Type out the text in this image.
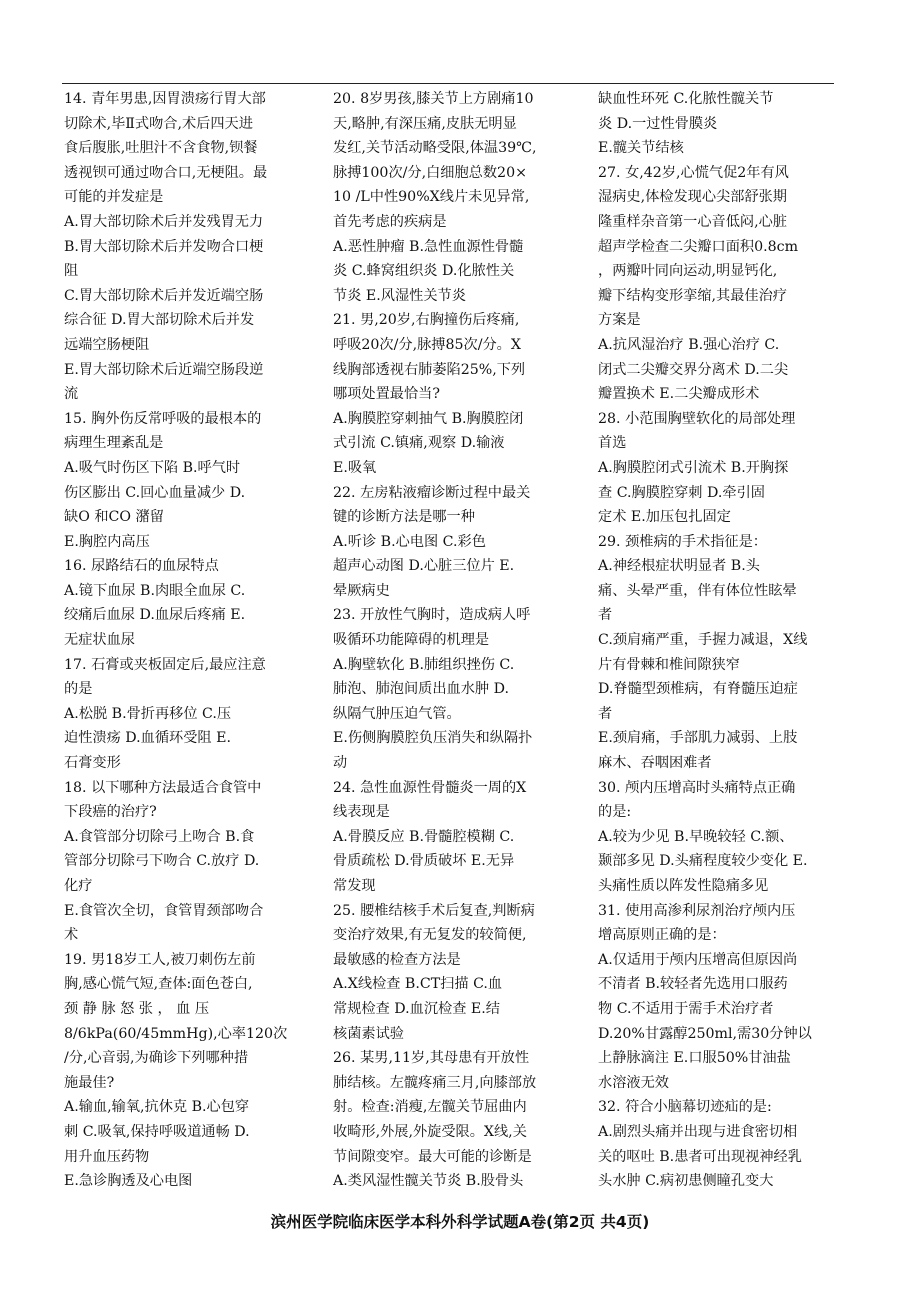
14. 青年男患,因胃溃疡行胃大部
切除术,毕Ⅱ式吻合,术后四天进
食后腹胀,吐胆汁不含食物,钡餐
透视钡可通过吻合口,无梗阻。最
可能的并发症是
A.胃大部切除术后并发残胃无力
B.胃大部切除术后并发吻合口梗
阻
C.胃大部切除术后并发近端空肠
综合征 D.胃大部切除术后并发
远端空肠梗阻
E.胃大部切除术后近端空肠段逆
流
15. 胸外伤反常呼吸的最根本的
病理生理紊乱是
A.吸气时伤区下陷 B.呼气时
伤区膨出 C.回心血量减少 D.
缺O 和CO 潴留
E.胸腔内高压
16. 尿路结石的血尿特点
A.镜下血尿 B.肉眼全血尿 C.
绞痛后血尿 D.血尿后疼痛 E.
无症状血尿
17. 石膏或夹板固定后,最应注意
的是
A.松脱 B.骨折再移位 C.压
迫性溃疡 D.血循环受阻 E.
石膏变形
18. 以下哪种方法最适合食管中
下段癌的治疗?
A.食管部分切除弓上吻合 B.食
管部分切除弓下吻合 C.放疗 D.
化疗
E.食管次全切，食管胃颈部吻合
术
19. 男18岁工人,被刀刺伤左前
胸,感心慌气短,查体:面色苍白,
颈 静 脉 怒 张 ， 血 压
8/6kPa(60/45mmHg),心率120次
/分,心音弱,为确诊下列哪种措
施最佳?
A.输血,输氧,抗休克 B.心包穿
刺 C.吸氧,保持呼吸道通畅 D.
用升血压药物
E.急诊胸透及心电图
20. 8岁男孩,膝关节上方剧痛10
天,略肿,有深压痛,皮肤无明显
发红,关节活动略受限,体温39℃,
脉搏100次/分,白细胞总数20×
10 /L中性90%X线片未见异常,
首先考虑的疾病是
A.恶性肿瘤 B.急性血源性骨髓
炎 C.蜂窝组织炎 D.化脓性关
节炎 E.风湿性关节炎
21. 男,20岁,右胸撞伤后疼痛,
呼吸20次/分,脉搏85次/分。X
线胸部透视右肺萎陷25%,下列
哪项处置最恰当?
A.胸膜腔穿刺抽气 B.胸膜腔闭
式引流 C.镇痛,观察 D.输液
E.吸氧
22. 左房粘液瘤诊断过程中最关
键的诊断方法是哪一种
A.听诊 B.心电图 C.彩色
超声心动图 D.心脏三位片 E.
晕厥病史
23. 开放性气胸时，造成病人呼
吸循环功能障碍的机理是
A.胸壁软化 B.肺组织挫伤 C.
肺泡、肺泡间质出血水肿 D.
纵隔气肿压迫气管。
E.伤侧胸膜腔负压消失和纵隔扑
动
24. 急性血源性骨髓炎一周的X
线表现是
A.骨膜反应 B.骨髓腔模糊 C.
骨质疏松 D.骨质破坏 E.无异
常发现
25. 腰椎结核手术后复查,判断病
变治疗效果,有无复发的较简便,
最敏感的检查方法是
A.X线检查 B.CT扫描 C.血
常规检查 D.血沉检查 E.结
核菌素试验
26. 某男,11岁,其母患有开放性
肺结核。左髋疼痛三月,向膝部放
射。检查:消瘦,左髋关节屈曲内
收畸形,外展,外旋受限。X线,关
节间隙变窄。最大可能的诊断是
A.类风湿性髋关节炎 B.股骨头
缺血性环死 C.化脓性髋关节
炎 D.一过性骨膜炎
E.髋关节结核
27. 女,42岁,心慌气促2年有风
湿病史,体检发现心尖部舒张期
隆重样杂音第一心音低闷,心脏
超声学检查二尖瓣口面积0.8cm
，两瓣叶同向运动,明显钙化,
瓣下结构变形挛缩,其最佳治疗
方案是
A.抗风湿治疗 B.强心治疗 C.
闭式二尖瓣交界分离术 D.二尖
瓣置换术 E.二尖瓣成形术
28. 小范围胸壁软化的局部处理
首选
A.胸膜腔闭式引流术 B.开胸探
查 C.胸膜腔穿刺 D.牵引固
定术 E.加压包扎固定
29. 颈椎病的手术指征是：
A.神经根症状明显者 B.头
痛、头晕严重，伴有体位性眩晕
者
C.颈肩痛严重，手握力减退，X线
片有骨棘和椎间隙狭窄
D.脊髓型颈椎病，有脊髓压迫症
者
E.颈肩痛，手部肌力减弱、上肢
麻木、吞咽困难者
30. 颅内压增高时头痛特点正确
的是:
A.较为少见 B.早晚较轻 C.额、
颞部多见 D.头痛程度较少变化 E.
头痛性质以阵发性隐痛多见
31. 使用高渗利尿剂治疗颅内压
增高原则正确的是：
A.仅适用于颅内压增高但原因尚
不清者 B.较轻者先选用口服药
物 C.不适用于需手术治疗者
D.20%甘露醇250ml,需30分钟以
上静脉滴注 E.口服50%甘油盐
水溶液无效
32. 符合小脑幕切迹疝的是:
A.剧烈头痛并出现与进食密切相
关的呕吐 B.患者可出现视神经乳
头水肿 C.病初患侧瞳孔变大
滨州医学院临床医学本科外科学试题A卷(第2页 共4页)
